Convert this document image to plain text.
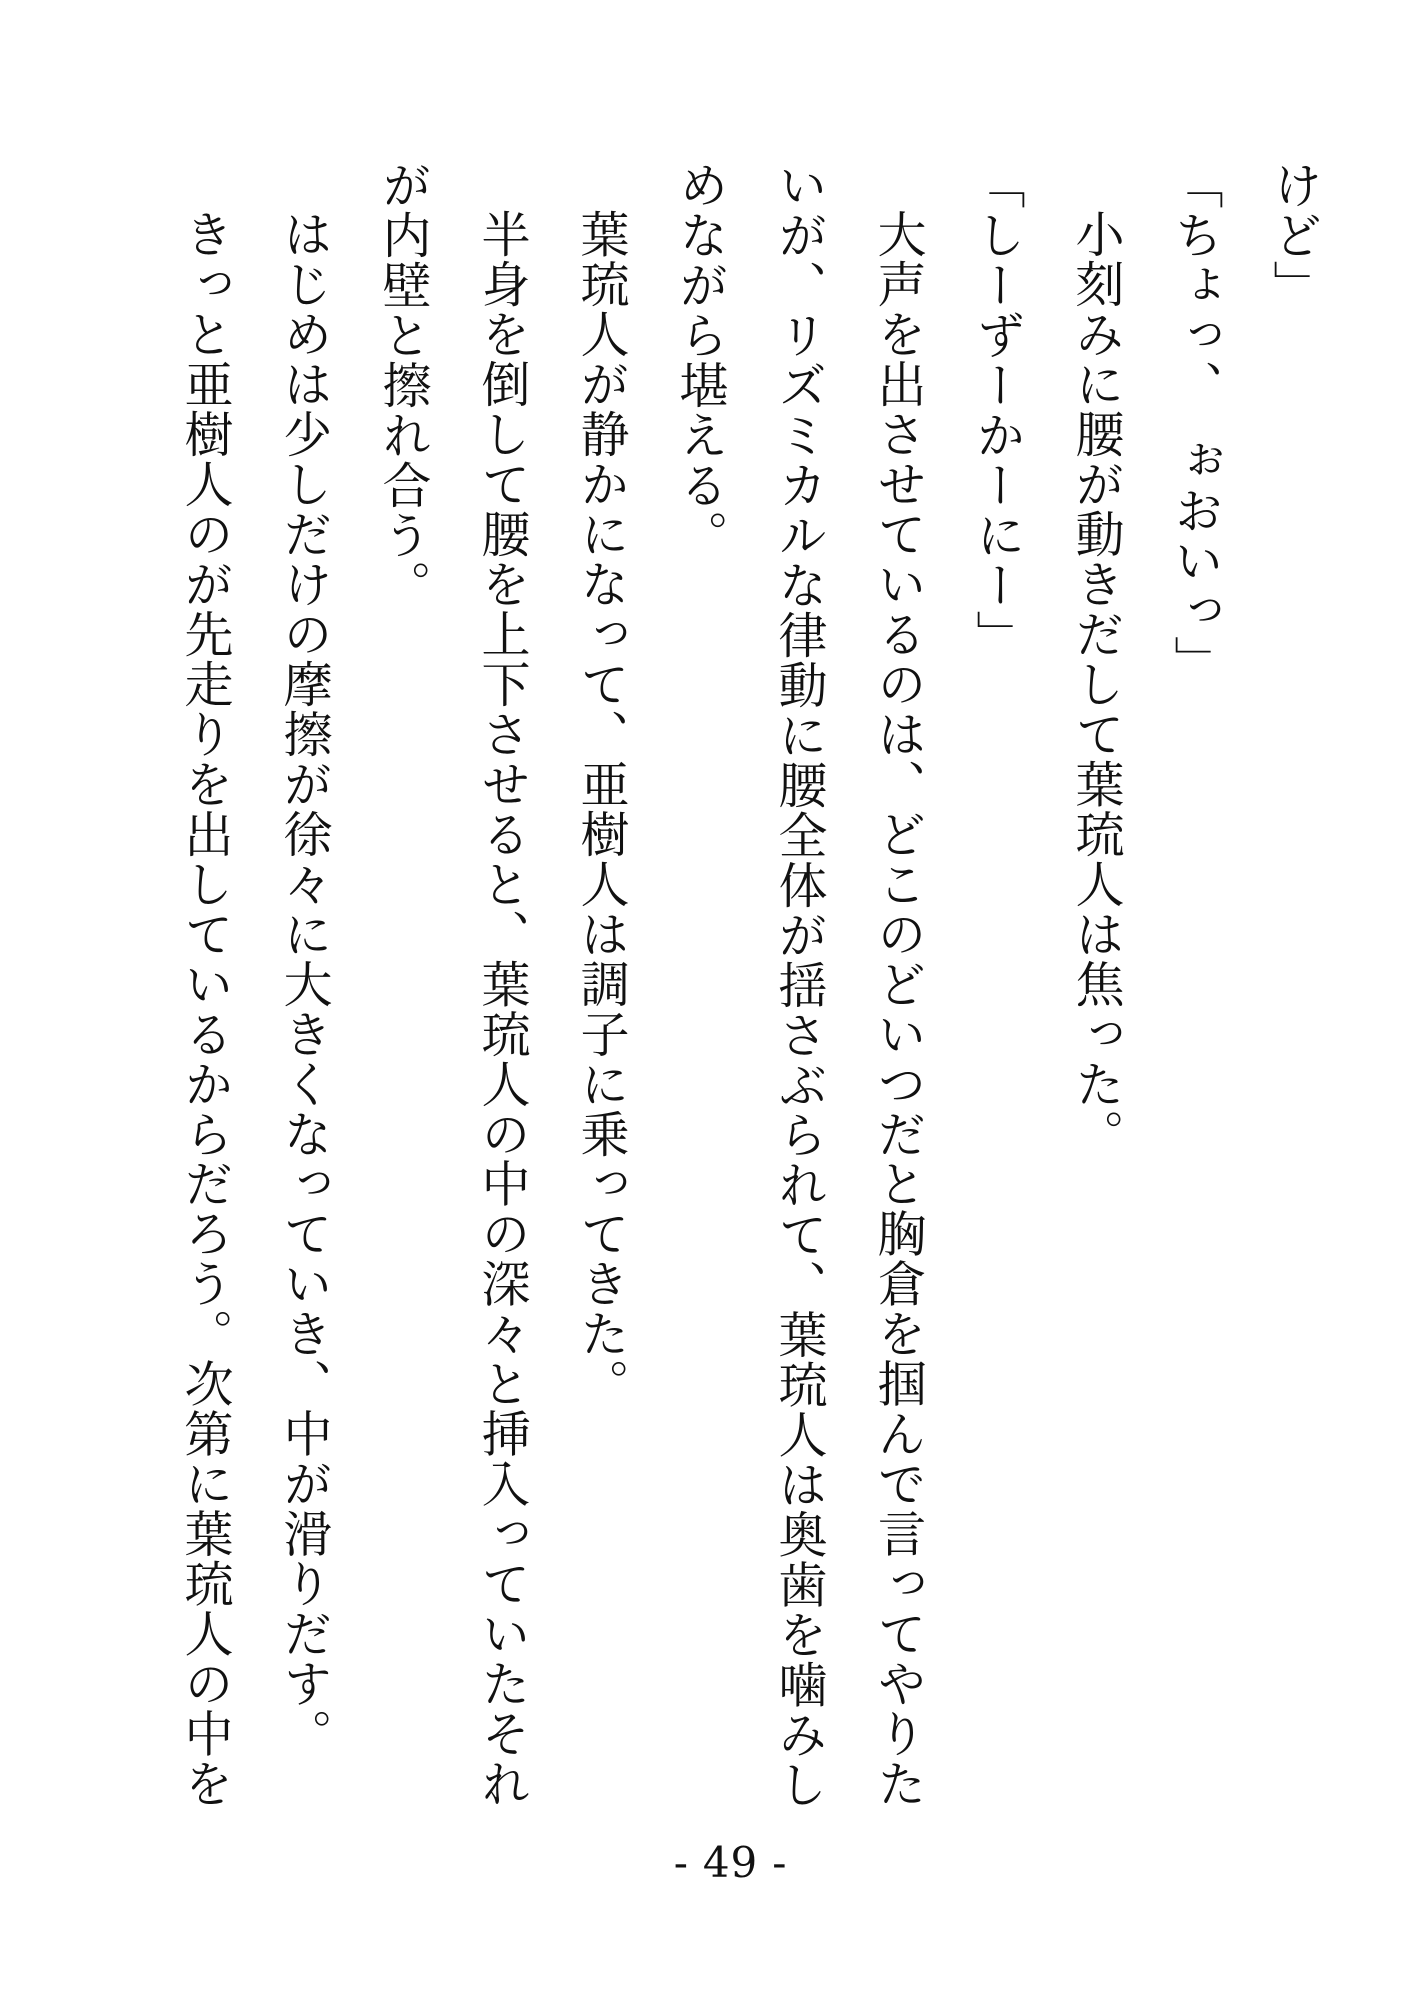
けど」

「ちょっ、　ぉおいっ」

小刻みに腰が動きだして葉琉人は焦った。

「しーずーかーにー」

大声を出させているのは、どこのどいつだと胸倉を掴んで言ってやりた

いが、リズミカルな律動に腰全体が揺さぶられて、葉琉人は奥歯を噛みし

めながら堪える。

葉琉人が静かになって、亜樹人は調子に乗ってきた。

半身を倒して腰を上下させると、葉琉人の中の深々と挿入っていたそれ

が内壁と擦れ合う。

はじめは少しだけの摩擦が徐々に大きくなっていき、中が滑りだす。

きっと亜樹人のが先走りを出しているからだろう。次第に葉琉人の中を

- 49 -
